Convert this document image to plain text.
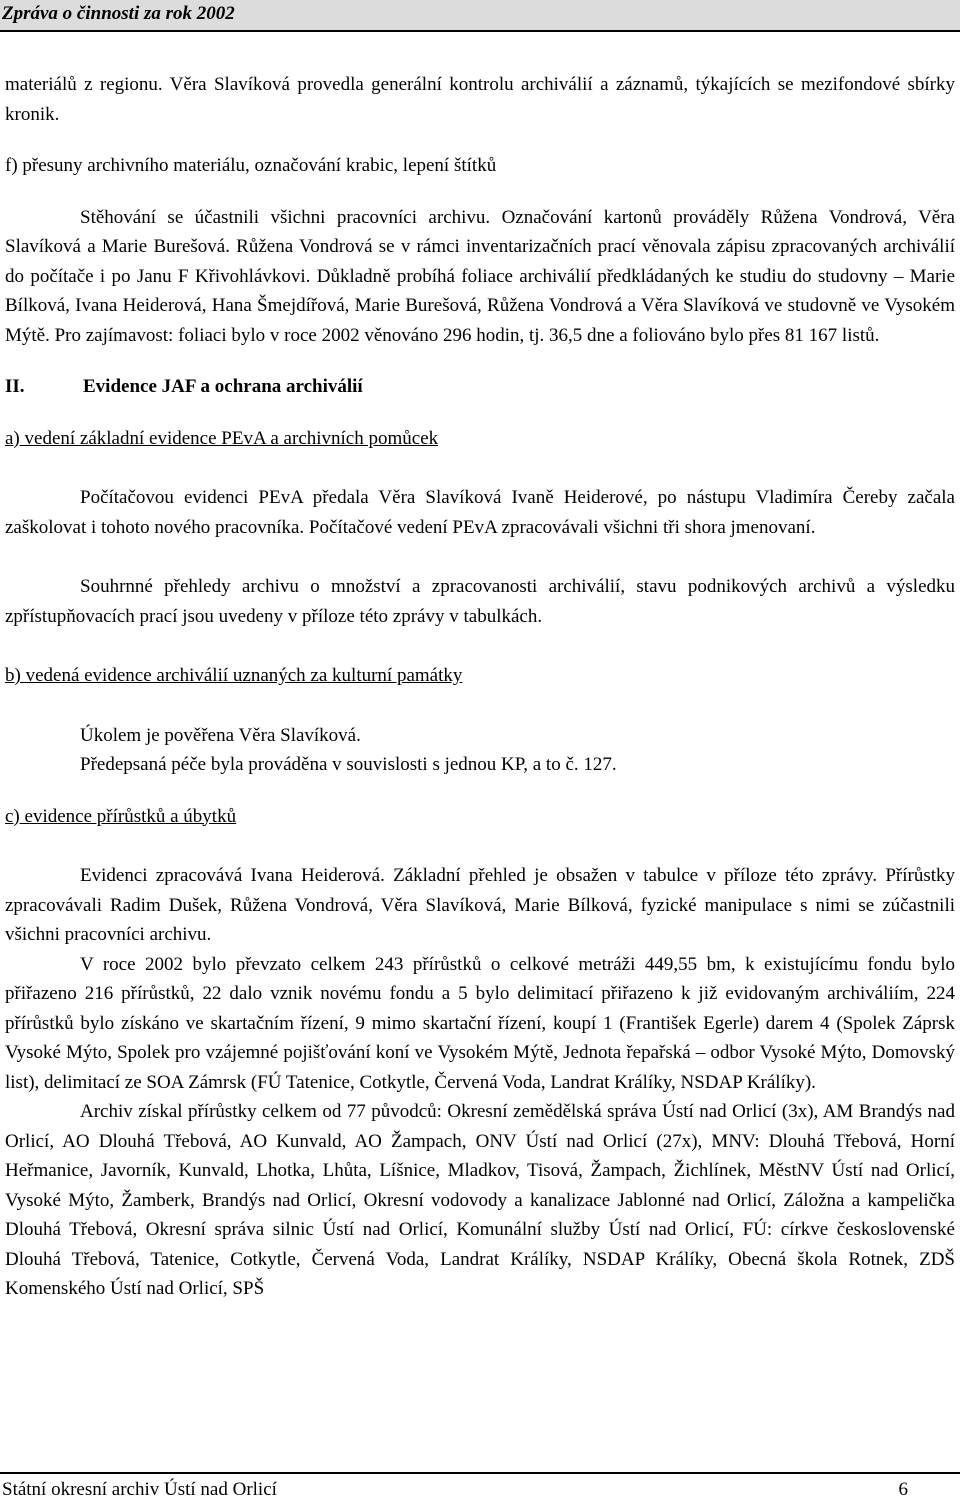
Zpráva o činnosti za rok 2002

materiálů z regionu. Věra Slavíková provedla generální kontrolu archiválií a záznamů, týkajících se mezifondové sbírky kronik.

f) přesuny archivního materiálu, označování krabic, lepení štítků

Stěhování se účastnili všichni pracovníci archivu. Označování kartonů prováděly Růžena Vondrová, Věra Slavíková a Marie Burešová. Růžena Vondrová se v rámci inventarizačních prací věnovala zápisu zpracovaných archiválií do počítače i po Janu F Křivohlávkovi. Důkladně probíhá foliace archiválií předkládaných ke studiu do studovny – Marie Bílková, Ivana Heiderová, Hana Šmejdířová, Marie Burešová, Růžena Vondrová a Věra Slavíková ve studovně ve Vysokém Mýtě. Pro zajímavost: foliaci bylo v roce 2002 věnováno 296 hodin, tj. 36,5 dne a foliováno bylo přes 81 167 listů.

II.	Evidence JAF a ochrana archiválií

a) vedení základní evidence PEvA a archivních pomůcek

Počítačovou evidenci PEvA předala Věra Slavíková Ivaně Heiderové, po nástupu Vladimíra Čereby začala zaškolovat i tohoto nového pracovníka. Počítačové vedení PEvA zpracovávali všichni tři shora jmenovaní.

Souhrnné přehledy archivu o množství a zpracovanosti archiválií, stavu podnikových archivů a výsledku zpřístupňovacích prací jsou uvedeny v příloze této zprávy v tabulkách.

b) vedená evidence archiválií uznaných za kulturní památky

Úkolem je pověřena Věra Slavíková.

Předepsaná péče byla prováděna v souvislosti s jednou KP, a to č. 127.

c) evidence přírůstků a úbytků

Evidenci zpracovává Ivana Heiderová. Základní přehled je obsažen v tabulce v příloze této zprávy. Přírůstky zpracovávali Radim Dušek, Růžena Vondrová, Věra Slavíková, Marie Bílková, fyzické manipulace s nimi se zúčastnili všichni pracovníci archivu.

V roce 2002 bylo převzato celkem 243 přírůstků o celkové metráži 449,55 bm, k existujícímu fondu bylo přiřazeno 216 přírůstků, 22 dalo vznik novému fondu a 5 bylo delimitací přiřazeno k již evidovaným archiváliím, 224 přírůstků bylo získáno ve skartačním řízení, 9 mimo skartační řízení, koupí 1 (František Egerle) darem 4 (Spolek Záprsk Vysoké Mýto, Spolek pro vzájemné pojišťování koní ve Vysokém Mýtě, Jednota řepařská – odbor Vysoké Mýto, Domovský list), delimitací ze SOA Zámrsk (FÚ Tatenice, Cotkytle, Červená Voda, Landrat Králíky, NSDAP Králíky).

Archiv získal přírůstky celkem od 77 původců: Okresní zemědělská správa Ústí nad Orlicí (3x), AM Brandýs nad Orlicí, AO Dlouhá Třebová, AO Kunvald, AO Žampach, ONV Ústí nad Orlicí (27x), MNV: Dlouhá Třebová, Horní Heřmanice, Javorník, Kunvald, Lhotka, Lhůta, Líšnice, Mladkov, Tisová, Žampach, Žichlínek, MěstNV Ústí nad Orlicí, Vysoké Mýto, Žamberk, Brandýs nad Orlicí, Okresní vodovody a kanalizace Jablonné nad Orlicí, Záložna a kampelička Dlouhá Třebová, Okresní správa silnic Ústí nad Orlicí, Komunální služby Ústí nad Orlicí, FÚ: církve československé Dlouhá Třebová, Tatenice, Cotkytle, Červená Voda, Landrat Králíky, NSDAP Králíky, Obecná škola Rotnek, ZDŠ Komenského Ústí nad Orlicí, SPŠ

Státní okresní archiv Ústí nad Orlicí	6
